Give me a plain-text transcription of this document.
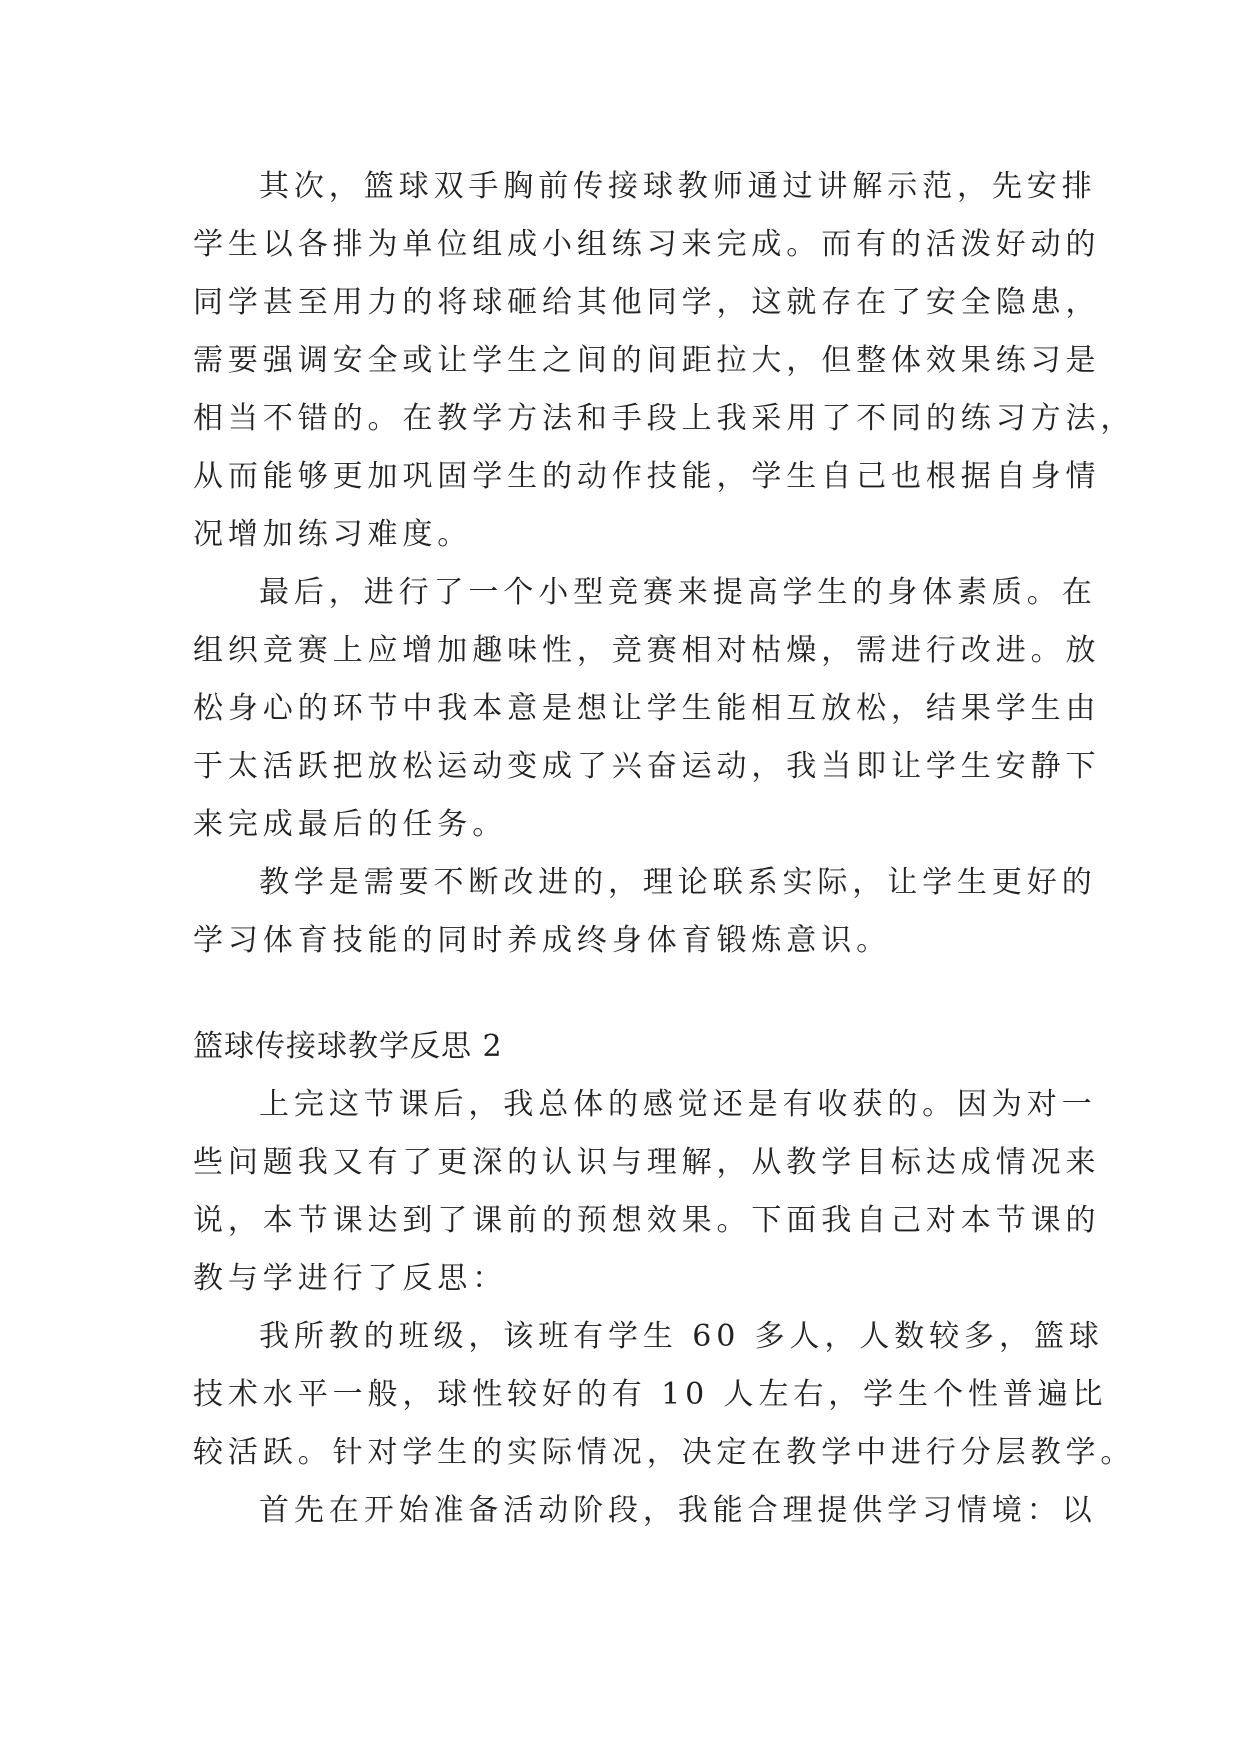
其次，篮球双手胸前传接球教师通过讲解示范，先安排
学生以各排为单位组成小组练习来完成。而有的活泼好动的
同学甚至用力的将球砸给其他同学，这就存在了安全隐患，
需要强调安全或让学生之间的间距拉大，但整体效果练习是
相当不错的。在教学方法和手段上我采用了不同的练习方法，
从而能够更加巩固学生的动作技能，学生自己也根据自身情
况增加练习难度。
最后，进行了一个小型竞赛来提高学生的身体素质。在
组织竞赛上应增加趣味性，竞赛相对枯燥，需进行改进。放
松身心的环节中我本意是想让学生能相互放松，结果学生由
于太活跃把放松运动变成了兴奋运动，我当即让学生安静下
来完成最后的任务。
教学是需要不断改进的，理论联系实际，让学生更好的
学习体育技能的同时养成终身体育锻炼意识。
篮球传接球教学反思 2
上完这节课后，我总体的感觉还是有收获的。因为对一
些问题我又有了更深的认识与理解，从教学目标达成情况来
说，本节课达到了课前的预想效果。下面我自己对本节课的
教与学进行了反思：
我所教的班级，该班有学生 60 多人，人数较多，篮球
技术水平一般，球性较好的有 10 人左右，学生个性普遍比
较活跃。针对学生的实际情况，决定在教学中进行分层教学。
首先在开始准备活动阶段，我能合理提供学习情境：以
